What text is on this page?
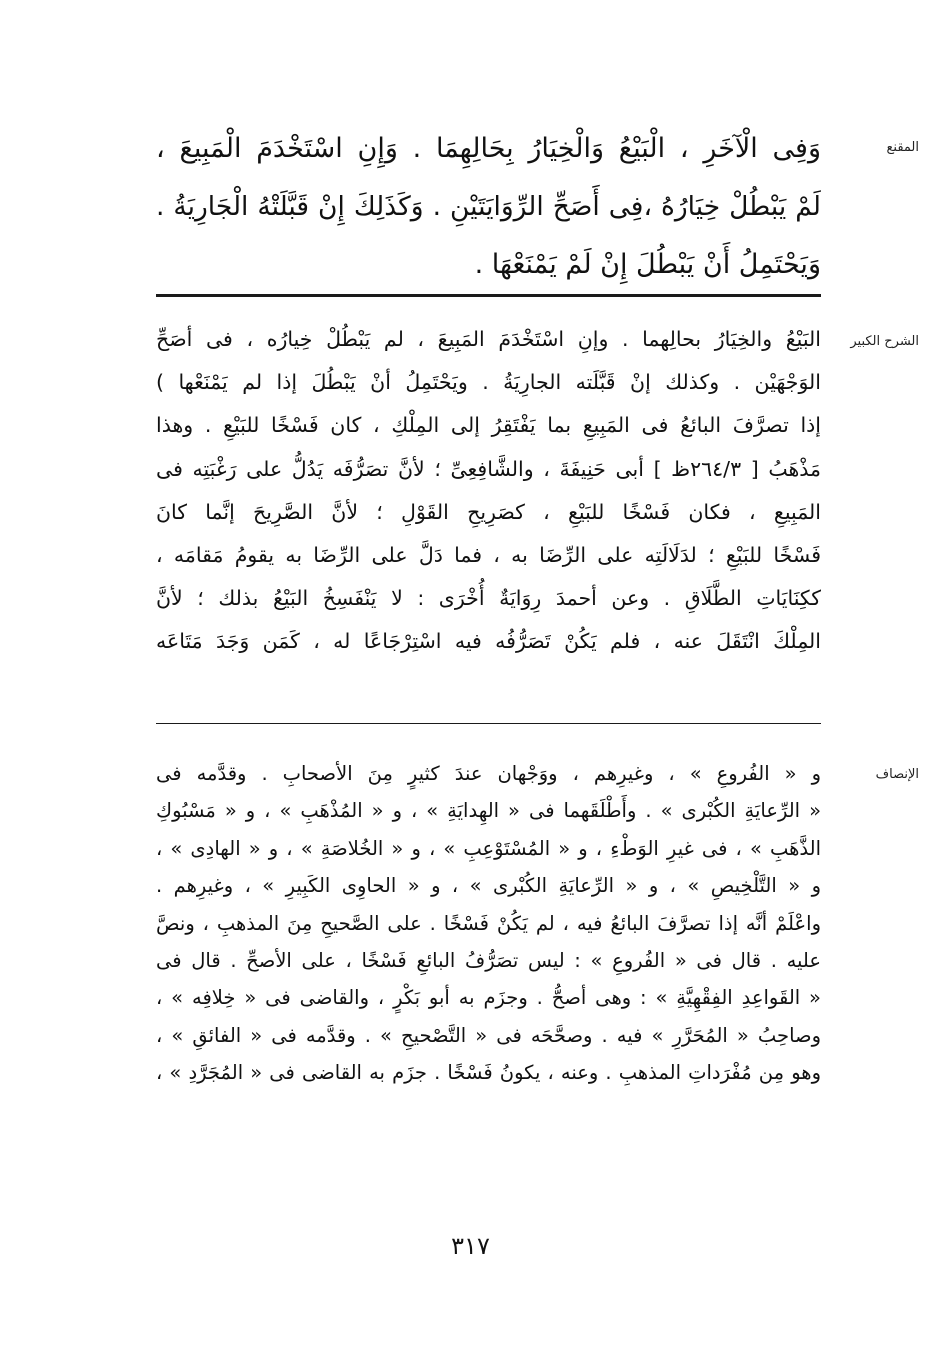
المقنع
وَفِى الْآخَرِ ، الْبَيْعُ وَالْخِيَارُ بِحَالِهِمَا . وَإِنِ اسْتَخْدَمَ الْمَبِيعَ ،
لَمْ يَبْطُلْ خِيَارُهُ ،فِى أَصَحِّ الرِّوَايَتَيْنِ . وَكَذَلِكَ إِنْ قَبَّلَتْهُ الْجَارِيَةُ .
وَيَحْتَمِلُ أَنْ يَبْطُلَ إِنْ لَمْ يَمْنَعْهَا .
الشرح الكبير
البَيْعُ والخِيَارُ بحالِهما . وإنِ اسْتَخْدَمَ المَبِيعَ ، لم يَبْطُلْ خِيارُه ، فى أصَحِّ
الوَجْهَيْن . وكذلك إنْ قَبَّلَته الجارِيَةُ . ويَحْتَمِلُ أنْ يَبْطُلَ إذا لم يَمْنَعْها )
إذا تصرَّفَ البائعُ فى المَبِيعِ بما يَفْتَقِرُ إلى المِلْكِ ، كان فَسْخًا للبَيْعِ . وهذا
مَذْهَبُ [ ٢٦٤/٣ظ ] أبى حَنِيفَةَ ، والشَّافِعِىِّ ؛ لأنَّ تصَرُّفَه يَدُلُّ على رَغْبَتِه فى
المَبِيعِ ، فكان فَسْخًا للبَيْعِ ، كصَرِيحِ القَوْلِ ؛ لأنَّ الصَّرِيحَ إنَّما كانَ
فَسْخًا للبَيْعِ ؛ لدَلَالَتِه على الرِّضَا به ، فما دَلَّ على الرِّضَا به يقومُ مَقامَه ،
ككِنَايَاتِ الطَّلَاقِ . وعن أحمدَ رِوَايَةٌ أُخْرَى : لا يَنْفَسِخُ البَيْعُ بذلك ؛ لأنَّ
المِلْكَ انْتَقَلَ عنه ، فلم يَكُنْ تَصَرُّفُه فيه اسْتِرْجَاعًا له ، كَمَن وَجَدَ مَتَاعَه
الإنصاف
و « الفُروعِ » ، وغيرِهم ، ووَجْهان عندَ كثيرٍ مِنَ الأصحابِ . وقدَّمه فى
« الرِّعايَةِ الكُبْرى » . وأَطْلَقَهما فى « الهِدايَةِ » ، و « المُذْهَبِ » ، و « مَسْبُوكِ
الذَّهَبِ » ، فى غيرِ الوَطْءِ ، و « المُسْتَوْعِبِ » ، و « الخُلاصَةِ » ، و « الهادِى » ،
و « التَّلْخِيصِ » ، و « الرِّعايَةِ الكُبْرى » ، و « الحاوِى الكَبِيرِ » ، وغيرِهم .
واعْلَمْ أنَّه إذا تصرَّفَ البائعُ فيه ، لم يَكُنْ فَسْخًا . على الصَّحيحِ مِنَ المذهبِ ، ونصَّ
عليه . قال فى « الفُروعِ » : ليس تصَرُّفُ البائعِ فَسْخًا ، على الأصحِّ . قال فى
« القَواعِدِ الفِقْهِيَّةِ » : وهى أصحُّ . وجزَم به أبو بَكْرٍ ، والقاضى فى « خِلافِه » ،
وصاحِبُ « المُحَرَّرِ » فيه . وصحَّحَه فى « التَّصْحيحِ » . وقدَّمه فى « الفائقِ » ،
وهو مِن مُفْرَداتِ المذهبِ . وعنه ، يكونُ فَسْخًا . جزَم به القاضى فى « المُجَرَّدِ » ،
٣١٧
